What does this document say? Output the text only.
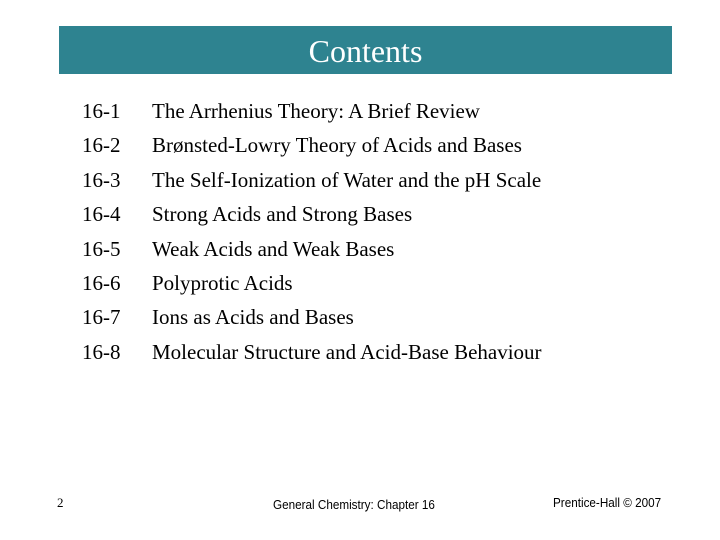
Contents
16-1 The Arrhenius Theory: A Brief Review
16-2 Brønsted-Lowry Theory of Acids and Bases
16-3 The Self-Ionization of Water and the pH Scale
16-4 Strong Acids and Strong Bases
16-5 Weak Acids and Weak Bases
16-6 Polyprotic Acids
16-7 Ions as Acids and Bases
16-8 Molecular Structure and Acid-Base Behaviour
2	General Chemistry: Chapter 16	Prentice-Hall © 2007
